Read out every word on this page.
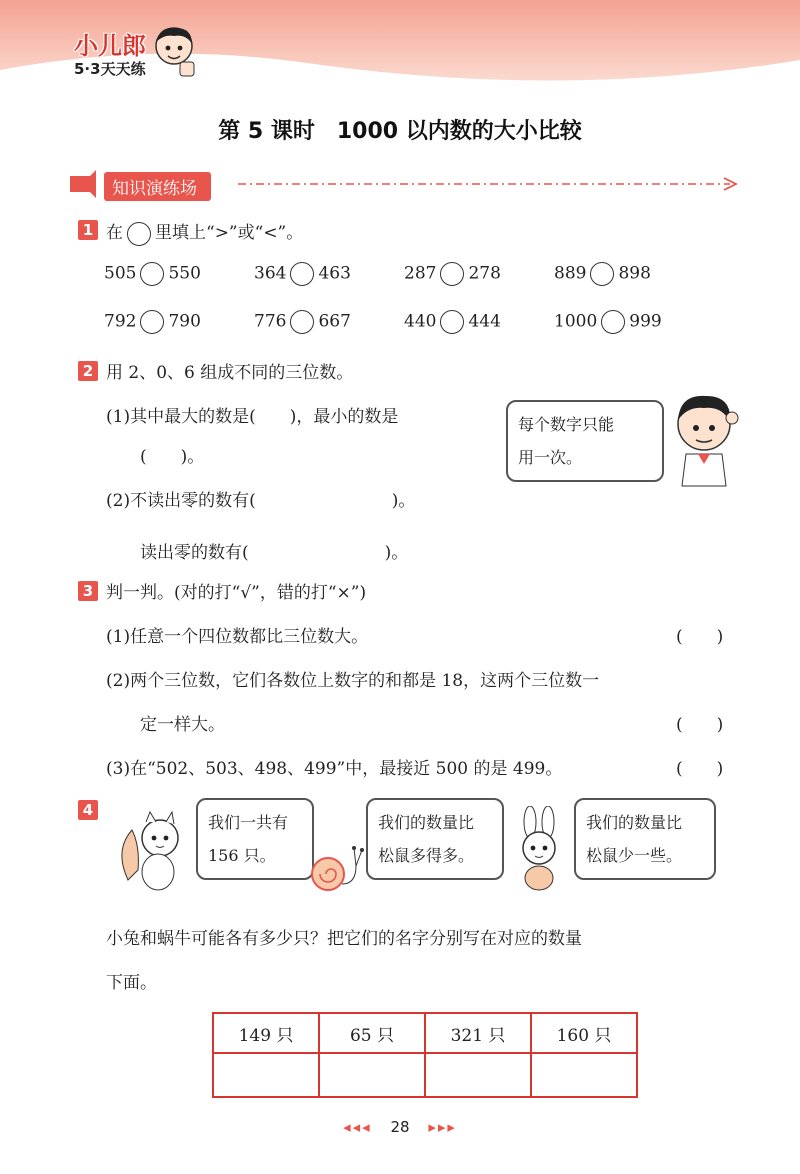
小儿郎
5·3天天练
第 5 课时　1000 以内数的大小比较
知识演练场
1 在 里填上“>”或“<”。
505 550	364 463	287 278	889 898
792 790	776 667	440 444	1000 999
2 用 2、0、6 组成不同的三位数。
(1)其中最大的数是(　　)，最小的数是
(　　)。
(2)不读出零的数有(　　　　　　　　)。
读出零的数有(　　　　　　　　)。
每个数字只能
用一次。
3 判一判。(对的打“√”，错的打“×”)
(1)任意一个四位数都比三位数大。	(　　)
(2)两个三位数，它们各数位上数字的和都是 18，这两个三位数一
定一样大。	(　　)
(3)在“502、503、498、499”中，最接近 500 的是 499。	(　　)
4
我们一共有
156 只。
我们的数量比
松鼠多得多。
我们的数量比
松鼠少一些。
小兔和蜗牛可能各有多少只？把它们的名字分别写在对应的数量
下面。
149 只	65 只	321 只	160 只

◂◂◂ 28 ▸▸▸
